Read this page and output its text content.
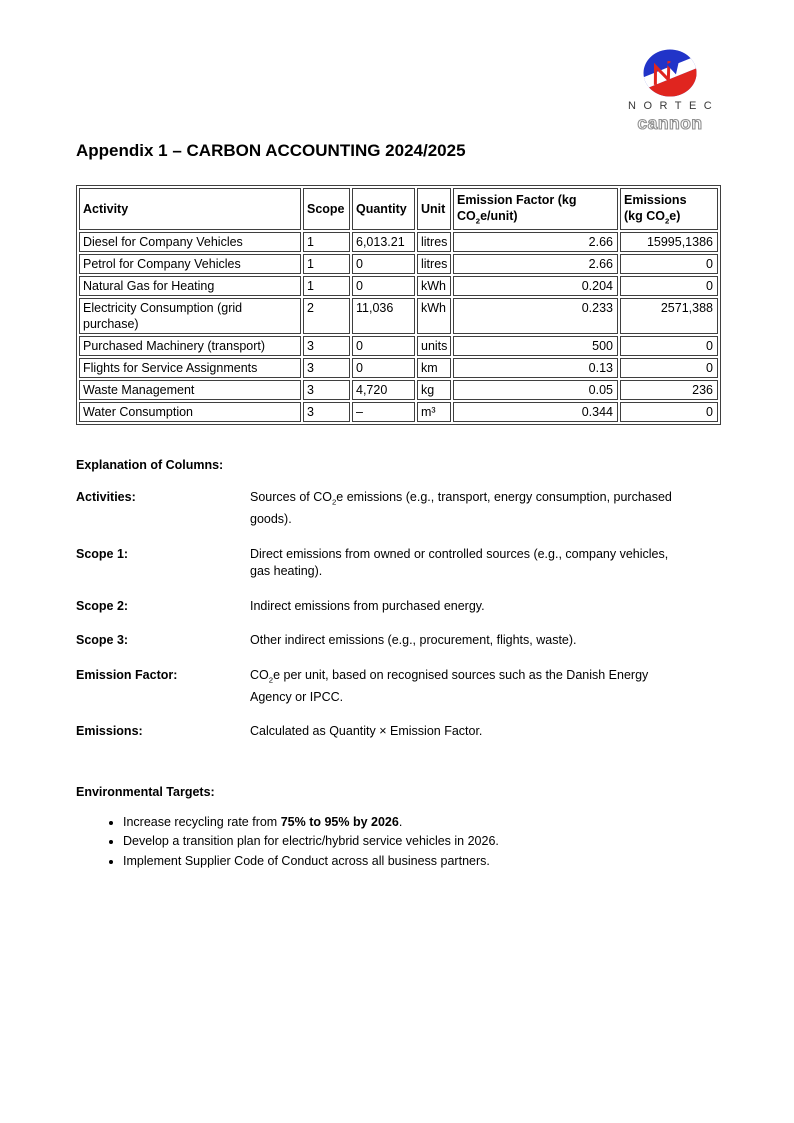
NORTEC
cannon
Appendix 1 – CARBON ACCOUNTING 2024/2025
Activity	Scope	Quantity	Unit	Emission Factor (kg $CO_2e/unit$)	Emissions
(kg $CO_2e$)
Diesel for Company Vehicles	1	6,013.21	litres	2.66	15995,1386
Petrol for Company Vehicles	1	0	litres	2.66	0
Natural Gas for Heating	1	0	kWh	0.204	0
Electricity Consumption (grid purchase)	2	11,036	kWh	0.233	2571,388
Purchased Machinery (transport)	3	0	units	500	0
Flights for Service Assignments	3	0	km	0.13	0
Waste Management	3	4,720	kg	0.05	236
Water Consumption	3	–	m³	0.344	0
Explanation of Columns:
Activities:	Sources of $CO_2e$ emissions (e.g., transport, energy consumption, purchased goods).
Scope 1:	Direct emissions from owned or controlled sources (e.g., company vehicles, gas heating).
Scope 2:	Indirect emissions from purchased energy.
Scope 3:	Other indirect emissions (e.g., procurement, flights, waste).
Emission Factor:	$CO_2e$ per unit, based on recognised sources such as the Danish Energy Agency or IPCC.
Emissions:	Calculated as Quantity × Emission Factor.
Environmental Targets:
• Increase recycling rate from 75% to 95% by 2026.
• Develop a transition plan for electric/hybrid service vehicles in 2026.
• Implement Supplier Code of Conduct across all business partners.
